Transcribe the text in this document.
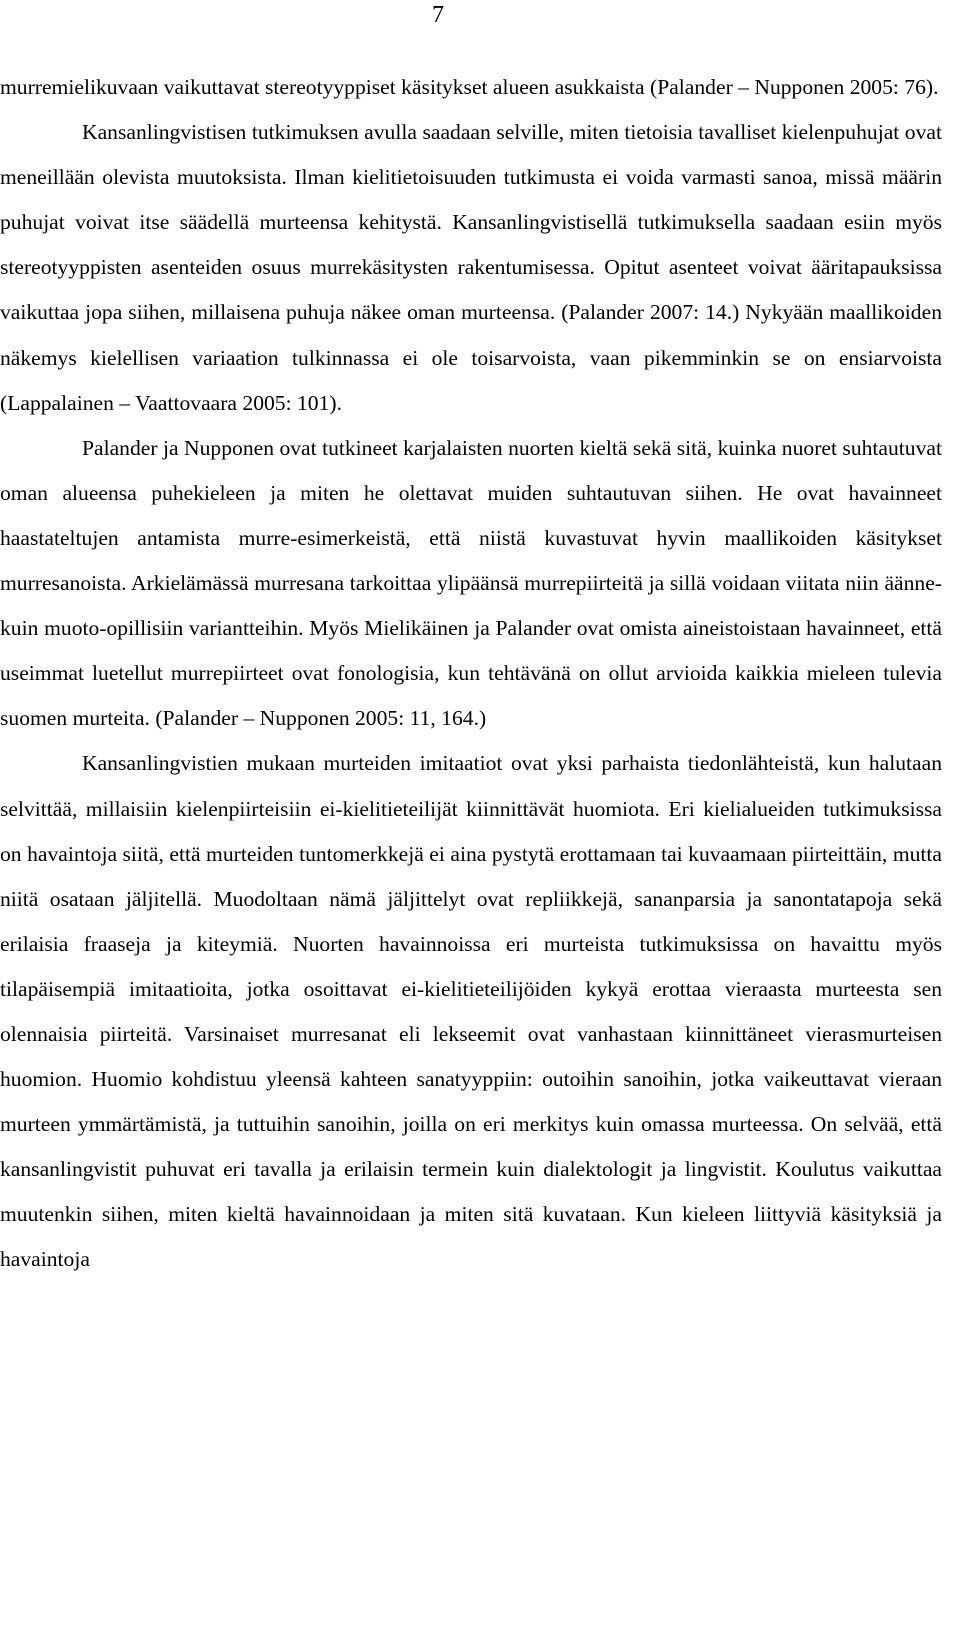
7

murremielikuvaan vaikuttavat stereotyyppiset käsitykset alueen asukkaista (Palander – Nupponen 2005: 76).

Kansanlingvistisen tutkimuksen avulla saadaan selville, miten tietoisia tavalliset kielenpuhujat ovat meneillään olevista muutoksista. Ilman kielitietoisuuden tutkimusta ei voida varmasti sanoa, missä määrin puhujat voivat itse säädellä murteensa kehitystä. Kansanlingvistisellä tutkimuksella saadaan esiin myös stereotyyppisten asenteiden osuus murrekäsitysten rakentumisessa. Opitut asenteet voivat ääritapauksissa vaikuttaa jopa siihen, millaisena puhuja näkee oman murteensa. (Palander 2007: 14.) Nykyään maallikoiden näkemys kielellisen variaation tulkinnassa ei ole toisarvoista, vaan pikemminkin se on ensiarvoista (Lappalainen – Vaattovaara 2005: 101).

Palander ja Nupponen ovat tutkineet karjalaisten nuorten kieltä sekä sitä, kuinka nuoret suhtautuvat oman alueensa puhekieleen ja miten he olettavat muiden suhtautuvan siihen. He ovat havainneet haastateltujen antamista murre-esimerkeistä, että niistä kuvastuvat hyvin maallikoiden käsitykset murresanoista. Arkielämässä murresana tarkoittaa ylipäänsä murrepiirteitä ja sillä voidaan viitata niin äänne- kuin muoto-opillisiin variantteihin. Myös Mielikäinen ja Palander ovat omista aineistoistaan havainneet, että useimmat luetellut murrepiirteet ovat fonologisia, kun tehtävänä on ollut arvioida kaikkia mieleen tulevia suomen murteita. (Palander – Nupponen 2005: 11, 164.)

Kansanlingvistien mukaan murteiden imitaatiot ovat yksi parhaista tiedonlähteistä, kun halutaan selvittää, millaisiin kielenpiirteisiin ei-kielitieteilijät kiinnittävät huomiota. Eri kielialueiden tutkimuksissa on havaintoja siitä, että murteiden tuntomerkkejä ei aina pystytä erottamaan tai kuvaamaan piirteittäin, mutta niitä osataan jäljitellä. Muodoltaan nämä jäljittelyt ovat repliikkejä, sananparsia ja sanontatapoja sekä erilaisia fraaseja ja kiteymiä. Nuorten havainnoissa eri murteista tutkimuksissa on havaittu myös tilapäisempiä imitaatioita, jotka osoittavat ei-kielitieteilijöiden kykyä erottaa vieraasta murteesta sen olennaisia piirteitä. Varsinaiset murresanat eli lekseemit ovat vanhastaan kiinnittäneet vierasmurteisen huomion. Huomio kohdistuu yleensä kahteen sanatyyppiin: outoihin sanoihin, jotka vaikeuttavat vieraan murteen ymmärtämistä, ja tuttuihin sanoihin, joilla on eri merkitys kuin omassa murteessa. On selvää, että kansanlingvistit puhuvat eri tavalla ja erilaisin termein kuin dialektologit ja lingvistit. Koulutus vaikuttaa muutenkin siihen, miten kieltä havainnoidaan ja miten sitä kuvataan. Kun kieleen liittyviä käsityksiä ja havaintoja
